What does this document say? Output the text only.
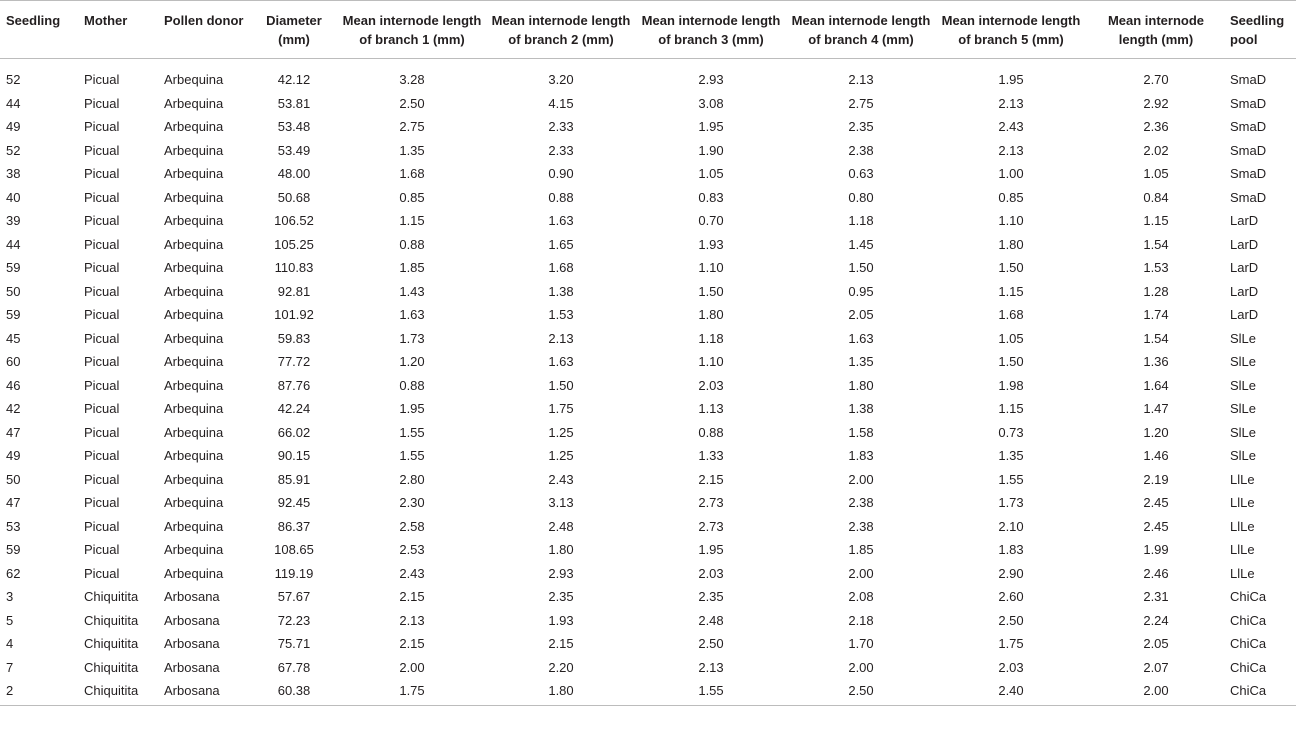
Seedling	Mother	Pollen donor	Diameter (mm)	Mean internode length of branch 1 (mm)	Mean internode length of branch 2 (mm)	Mean internode length of branch 3 (mm)	Mean internode length of branch 4 (mm)	Mean internode length of branch 5 (mm)	Mean internode length (mm)	Seedling pool
52	Picual	Arbequina	42.12	3.28	3.20	2.93	2.13	1.95	2.70	SmaD
44	Picual	Arbequina	53.81	2.50	4.15	3.08	2.75	2.13	2.92	SmaD
49	Picual	Arbequina	53.48	2.75	2.33	1.95	2.35	2.43	2.36	SmaD
52	Picual	Arbequina	53.49	1.35	2.33	1.90	2.38	2.13	2.02	SmaD
38	Picual	Arbequina	48.00	1.68	0.90	1.05	0.63	1.00	1.05	SmaD
40	Picual	Arbequina	50.68	0.85	0.88	0.83	0.80	0.85	0.84	SmaD
39	Picual	Arbequina	106.52	1.15	1.63	0.70	1.18	1.10	1.15	LarD
44	Picual	Arbequina	105.25	0.88	1.65	1.93	1.45	1.80	1.54	LarD
59	Picual	Arbequina	110.83	1.85	1.68	1.10	1.50	1.50	1.53	LarD
50	Picual	Arbequina	92.81	1.43	1.38	1.50	0.95	1.15	1.28	LarD
59	Picual	Arbequina	101.92	1.63	1.53	1.80	2.05	1.68	1.74	LarD
45	Picual	Arbequina	59.83	1.73	2.13	1.18	1.63	1.05	1.54	SlLe
60	Picual	Arbequina	77.72	1.20	1.63	1.10	1.35	1.50	1.36	SlLe
46	Picual	Arbequina	87.76	0.88	1.50	2.03	1.80	1.98	1.64	SlLe
42	Picual	Arbequina	42.24	1.95	1.75	1.13	1.38	1.15	1.47	SlLe
47	Picual	Arbequina	66.02	1.55	1.25	0.88	1.58	0.73	1.20	SlLe
49	Picual	Arbequina	90.15	1.55	1.25	1.33	1.83	1.35	1.46	SlLe
50	Picual	Arbequina	85.91	2.80	2.43	2.15	2.00	1.55	2.19	LlLe
47	Picual	Arbequina	92.45	2.30	3.13	2.73	2.38	1.73	2.45	LlLe
53	Picual	Arbequina	86.37	2.58	2.48	2.73	2.38	2.10	2.45	LlLe
59	Picual	Arbequina	108.65	2.53	1.80	1.95	1.85	1.83	1.99	LlLe
62	Picual	Arbequina	119.19	2.43	2.93	2.03	2.00	2.90	2.46	LlLe
3	Chiquitita	Arbosana	57.67	2.15	2.35	2.35	2.08	2.60	2.31	ChiCa
5	Chiquitita	Arbosana	72.23	2.13	1.93	2.48	2.18	2.50	2.24	ChiCa
4	Chiquitita	Arbosana	75.71	2.15	2.15	2.50	1.70	1.75	2.05	ChiCa
7	Chiquitita	Arbosana	67.78	2.00	2.20	2.13	2.00	2.03	2.07	ChiCa
2	Chiquitita	Arbosana	60.38	1.75	1.80	1.55	2.50	2.40	2.00	ChiCa
